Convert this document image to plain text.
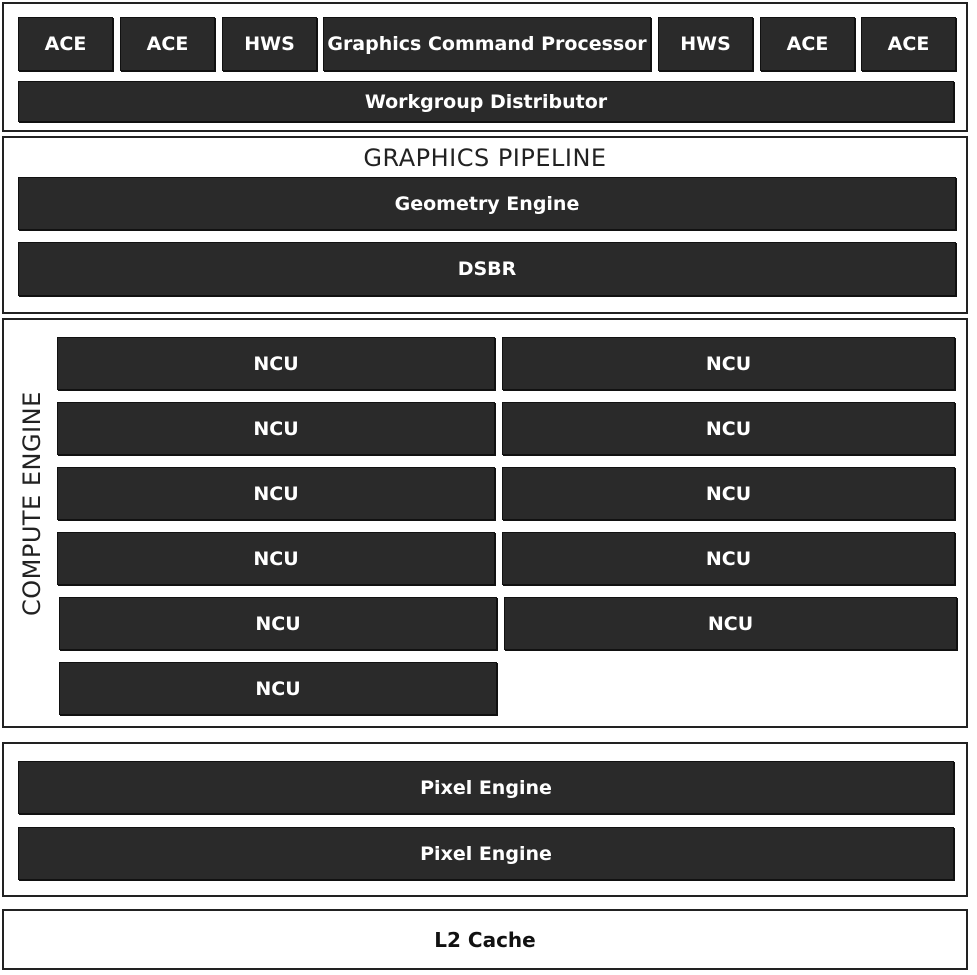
ACE	ACE	HWS	Graphics Command Processor	HWS	ACE	ACE
Workgroup Distributor
GRAPHICS PIPELINE
Geometry Engine
DSBR
COMPUTE ENGINE
NCU
NCU
NCU
NCU
NCU
NCU
NCU
NCU
NCU
NCU
NCU
Pixel Engine
Pixel Engine
L2 Cache
